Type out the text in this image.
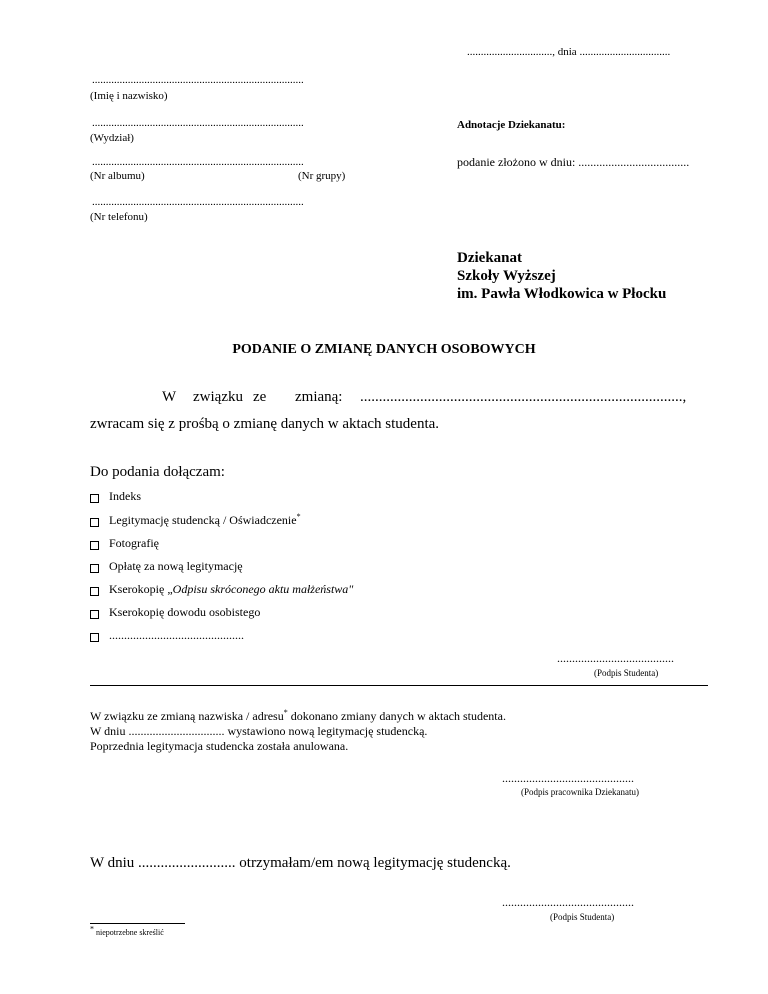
..............................., dnia .................................
.............................................................................
(Imię i nazwisko)
.............................................................................
(Wydział)
.............................................................................
(Nr albumu)	(Nr grupy)
.............................................................................
(Nr telefonu)
Adnotacje Dziekanatu:
podanie złożono w dniu: .....................................
Dziekanat
Szkoły Wyższej
im. Pawła Włodkowica w Płocku
PODANIE O ZMIANĘ DANYCH OSOBOWYCH
W związku ze zmianą: ......................................................................................,
zwracam się z prośbą o zmianę danych w aktach studenta.
Do podania dołączam:
Indeks
Legitymację studencką / Oświadczenie*
Fotografię
Opłatę za nową legitymację
Kserokopię „Odpisu skróconego aktu małżeństwa"
Kserokopię dowodu osobistego
.............................................
.......................................
(Podpis Studenta)
W związku ze zmianą nazwiska / adresu* dokonano zmiany danych w aktach studenta.
W dniu ................................ wystawiono nową legitymację studencką.
Poprzednia legitymacja studencka została anulowana.
............................................
(Podpis pracownika Dziekanatu)
W dniu .......................... otrzymałam/em nową legitymację studencką.
............................................
(Podpis Studenta)
* niepotrzebne skreślić
